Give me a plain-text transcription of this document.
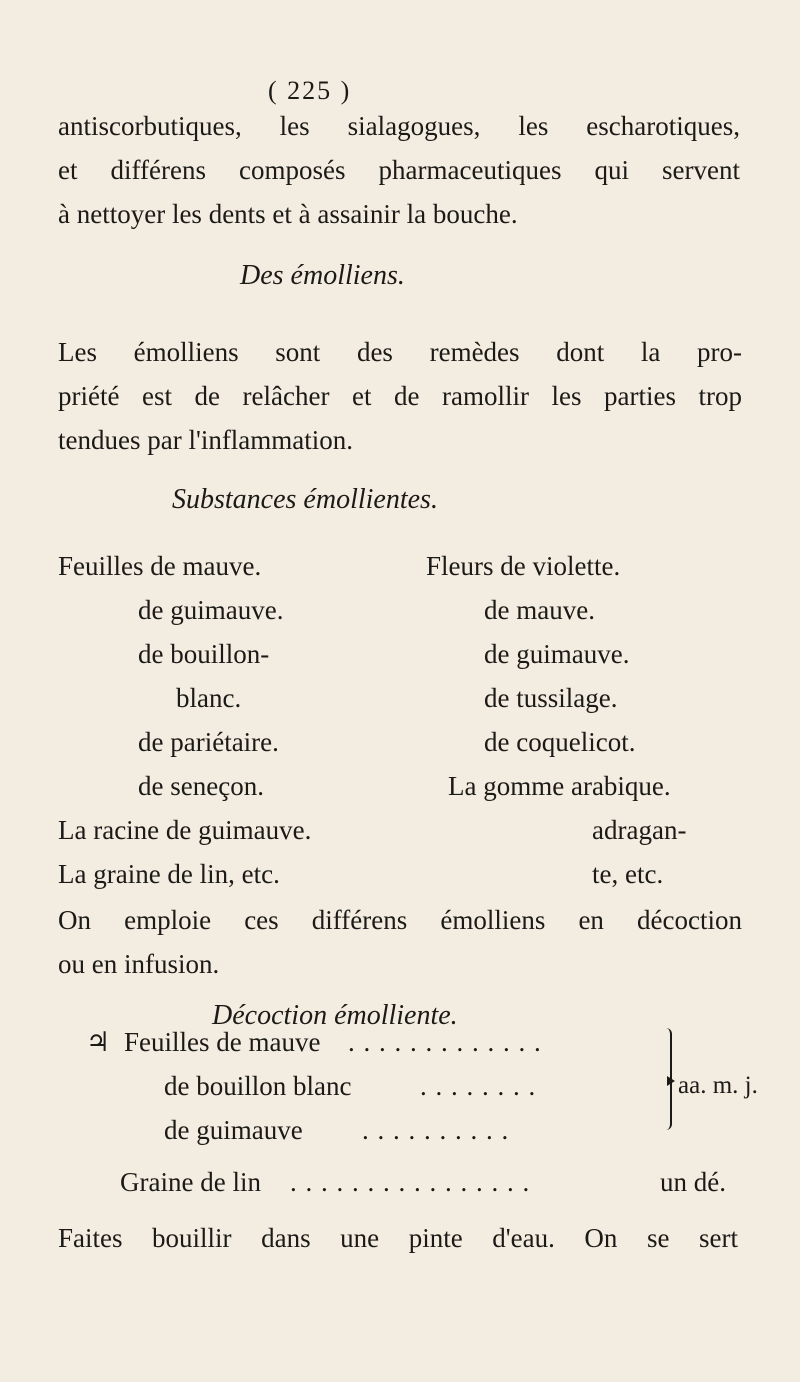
( 225 )
antiscorbutiques, les sialagogues, les escharotiques,
et différens composés pharmaceutiques qui servent
à nettoyer les dents et à assainir la bouche.
Des émolliens.
Les émolliens sont des remèdes dont la pro-
priété est de relâcher et de ramollir les parties trop
tendues par l'inflammation.
Substances émollientes.
Feuilles de mauve.
de guimauve.
de bouillon-
blanc.
de pariétaire.
de seneçon.
La racine de guimauve.
La graine de lin, etc.
Fleurs de violette.
de mauve.
de guimauve.
de tussilage.
de coquelicot.
La gomme arabique.
adragan-
te, etc.
On emploie ces différens émolliens en décoction
ou en infusion.
Décoction émolliente.
♃ Feuilles de mauve . . . . . . . . . . . . .
de bouillon blanc	. . . . . . . .
de guimauve . . . . . . . . . .
aa. m. j.
Graine de lin . . . . . . . . . . . . . . . .	un dé.
Faites bouillir dans une pinte d'eau. On se sert
